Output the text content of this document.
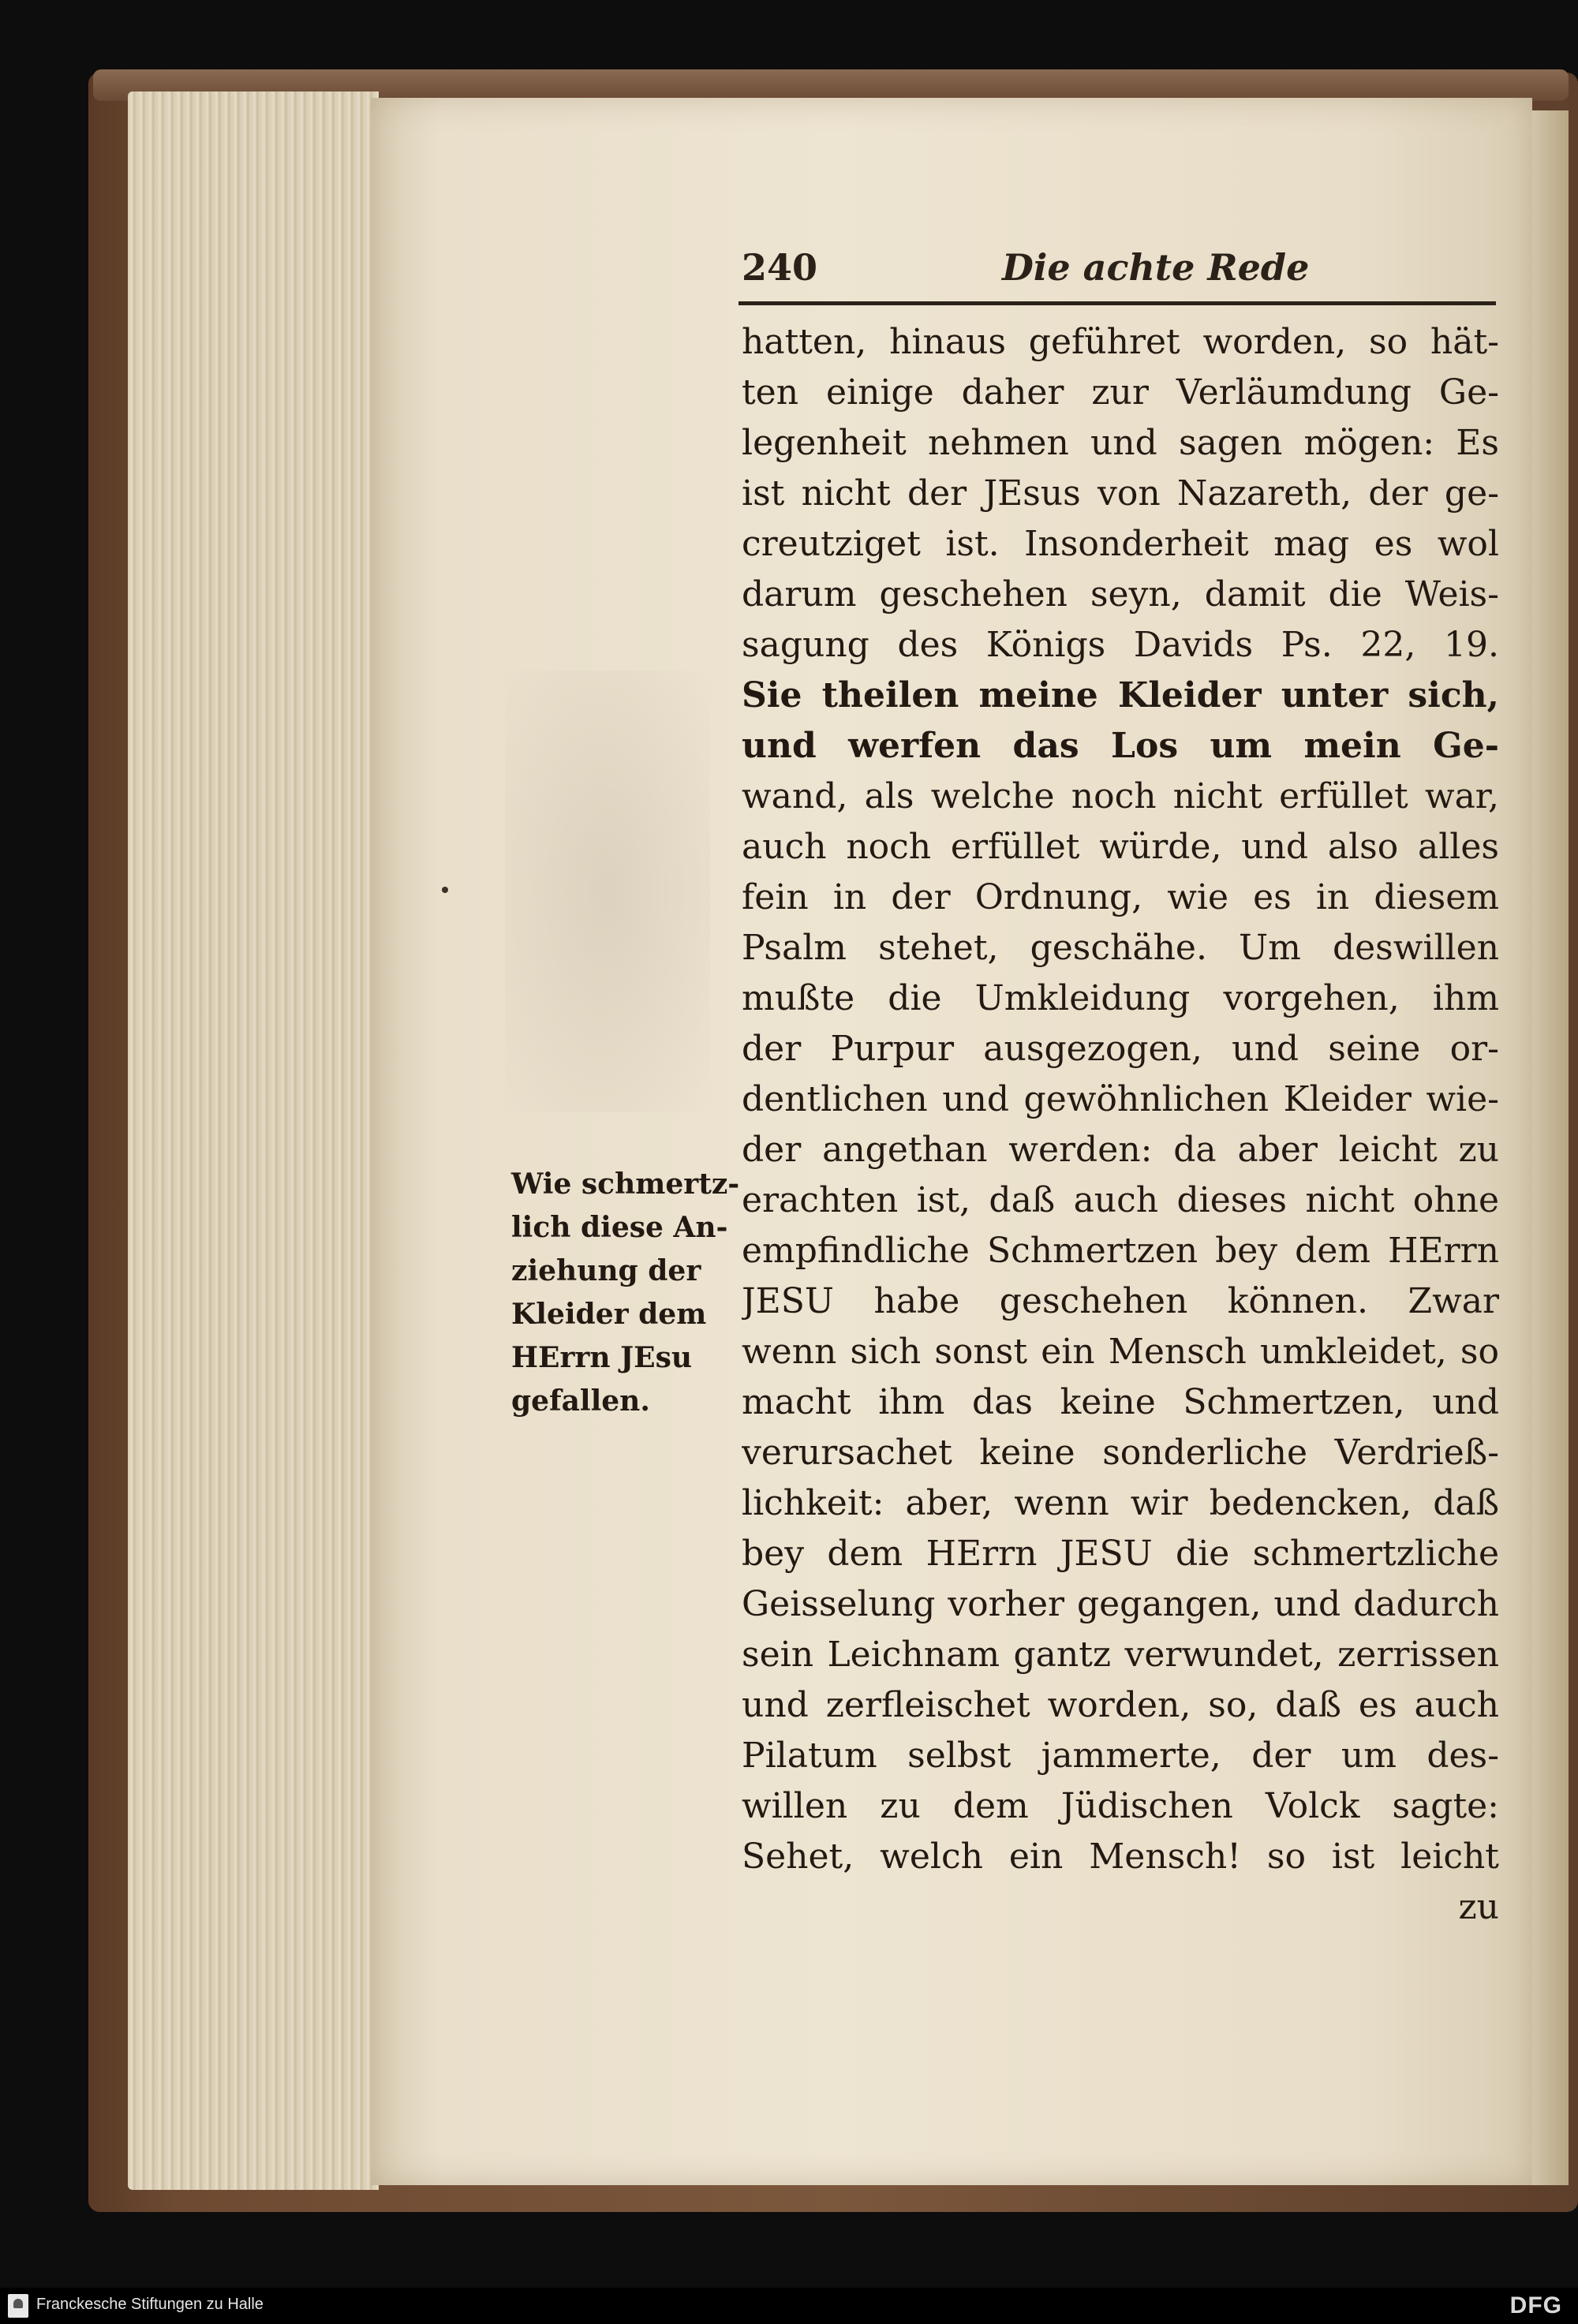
240	Die achte Rede
hatten, hinaus geführet worden, so hät-
ten einige daher zur Verläumdung Ge-
legenheit nehmen und sagen mögen: Es
ist nicht der JEsus von Nazareth, der ge-
creutziget ist. Insonderheit mag es wol
darum geschehen seyn, damit die Weis-
sagung des Königs Davids Ps. 22, 19.
Sie theilen meine Kleider unter sich,
und werfen das Los um mein Ge-
wand, als welche noch nicht erfüllet war,
auch noch erfüllet würde, und also alles
fein in der Ordnung, wie es in diesem
Psalm stehet, geschähe. Um deswillen
mußte die Umkleidung vorgehen, ihm
der Purpur ausgezogen, und seine or-
dentlichen und gewöhnlichen Kleider wie-
der angethan werden: da aber leicht zu
erachten ist, daß auch dieses nicht ohne
empfindliche Schmertzen bey dem HErrn
JESU habe geschehen können. Zwar
wenn sich sonst ein Mensch umkleidet, so
macht ihm das keine Schmertzen, und
verursachet keine sonderliche Verdrieß-
lichkeit: aber, wenn wir bedencken, daß
bey dem HErrn JESU die schmertzliche
Geisselung vorher gegangen, und dadurch
sein Leichnam gantz verwundet, zerrissen
und zerfleischet worden, so, daß es auch
Pilatum selbst jammerte, der um des-
willen zu dem Jüdischen Volck sagte:
Sehet, welch ein Mensch! so ist leicht
zu
Wie schmertz-
lich diese An-
ziehung der
Kleider dem
HErrn JEsu
gefallen.
Franckesche Stiftungen zu Halle	DFG
